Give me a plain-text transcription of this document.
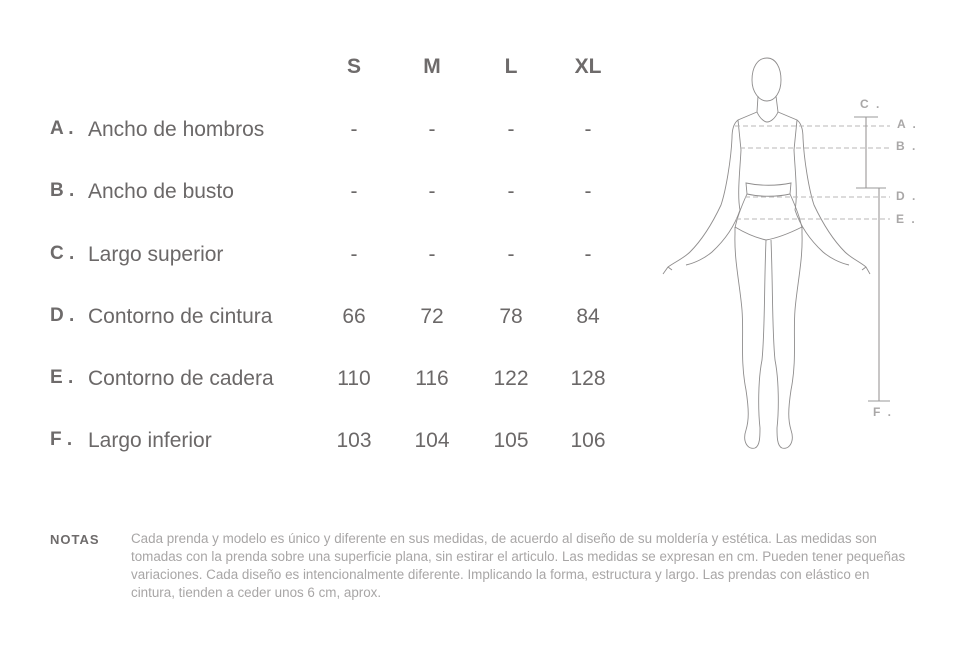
S	M	L	XL
A . Ancho de hombros	-	-	-	-
B . Ancho de busto	-	-	-	-
C . Largo superior	-	-	-	-
D . Contorno de cintura	66	72	78	84
E . Contorno de cadera	110	116	122	128
F . Largo inferior	103	104	105	106
C .
A .
B .
D .
E .
F .
NOTAS Cada prenda y modelo es único y diferente en sus medidas, de acuerdo al diseño de su moldería y estética. Las medidas son tomadas con la prenda sobre una superficie plana, sin estirar el articulo. Las medidas se expresan en cm. Pueden tener pequeñas variaciones. Cada diseño es intencionalmente diferente. Implicando la forma, estructura y largo. Las prendas con elástico en cintura, tienden a ceder unos 6 cm, aprox.
